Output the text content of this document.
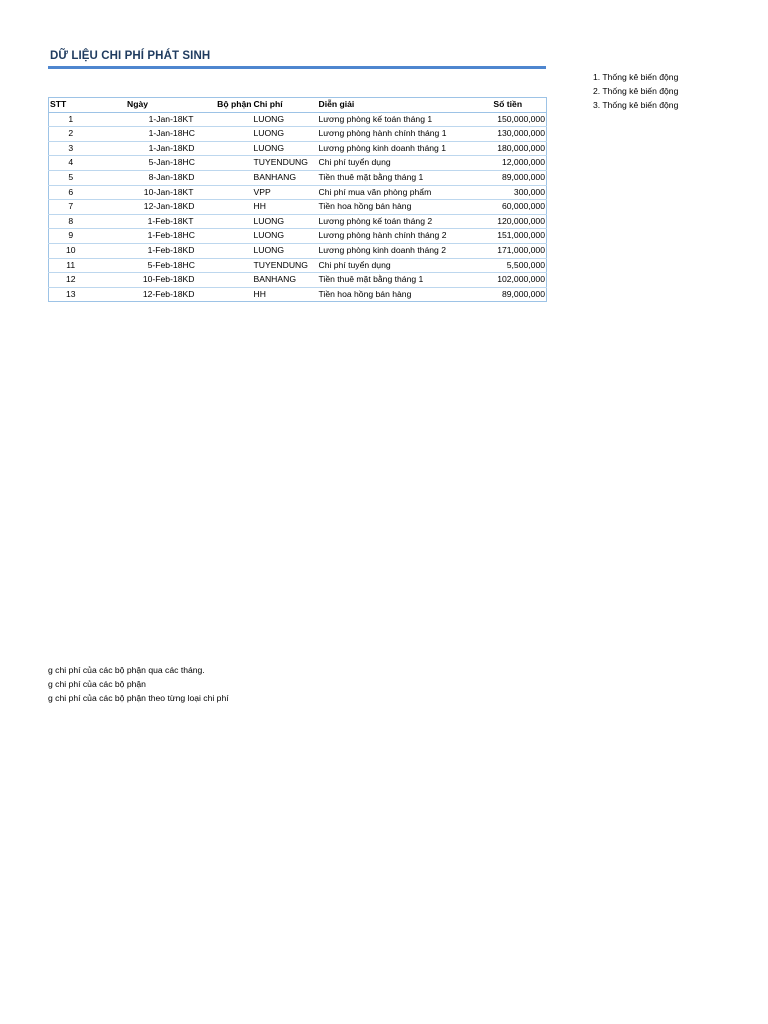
DỮ LIỆU CHI PHÍ PHÁT SINH
STT	Ngày	Bộ phận	Chi phí	Diễn giải	Số tiền
1	1-Jan-18	KT	LUONG	Lương phòng kế toán tháng 1	150,000,000
2	1-Jan-18	HC	LUONG	Lương phòng hành chính tháng 1	130,000,000
3	1-Jan-18	KD	LUONG	Lương phòng kinh doanh tháng 1	180,000,000
4	5-Jan-18	HC	TUYENDUNG	Chi phí tuyển dụng	12,000,000
5	8-Jan-18	KD	BANHANG	Tiền thuê mặt bằng tháng 1	89,000,000
6	10-Jan-18	KT	VPP	Chi phí mua văn phòng phẩm	300,000
7	12-Jan-18	KD	HH	Tiền hoa hồng bán hàng	60,000,000
8	1-Feb-18	KT	LUONG	Lương phòng kế toán tháng 2	120,000,000
9	1-Feb-18	HC	LUONG	Lương phòng hành chính tháng 2	151,000,000
10	1-Feb-18	KD	LUONG	Lương phòng kinh doanh tháng 2	171,000,000
11	5-Feb-18	HC	TUYENDUNG	Chi phí tuyển dụng	5,500,000
12	10-Feb-18	KD	BANHANG	Tiền thuê mặt bằng tháng 1	102,000,000
13	12-Feb-18	KD	HH	Tiền hoa hồng bán hàng	89,000,000
1. Thống kê biến động
2. Thống kê biến động
3. Thống kê biến động
g chi phí của các bộ phận qua các tháng.
g chi phí của các bộ phận
g chi phí của các bộ phận theo từng loại chi phí
